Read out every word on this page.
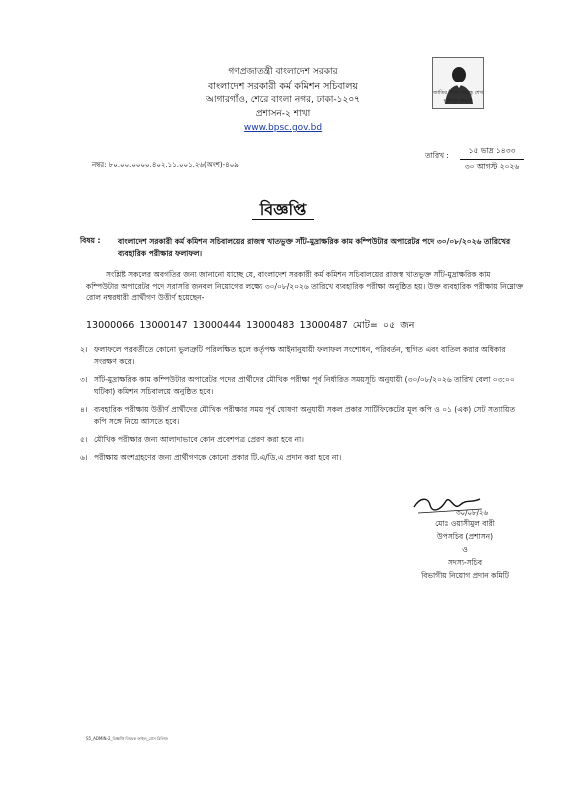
গণপ্রজাতন্ত্রী বাংলাদেশ সরকার
বাংলাদেশ সরকারী কর্ম কমিশন সচিবালয়
আগারগাঁও, শেরে বাংলা নগর, ঢাকা-১২০৭
প্রশাসন-২ শাখা
www.bpsc.gov.bd
জাতির পিতা বঙ্গবন্ধু শেখ মুজিবুর রহমান
নম্বর: ৮০.০০.০০০০.৪০২.১১.০০১.২৬(অংশ)-৪০৯
তারিখ :
১৫ ভাদ্র ১৪৩৩
৩০ আগস্ট ২০২৬
বিজ্ঞপ্তি
বিষয় : বাংলাদেশ সরকারী কর্ম কমিশন সচিবালয়ের রাজস্ব খাতভুক্ত সাঁট-মুদ্রাক্ষরিক কাম কম্পিউটার অপারেটর পদে ৩০/০৮/২০২৬ তারিখের ব্যবহারিক পরীক্ষার ফলাফল।
সংশ্লিষ্ট সকলের অবগতির জন্য জানানো যাচ্ছে যে, বাংলাদেশ সরকারী কর্ম কমিশন সচিবালয়ের রাজস্ব খাতভুক্ত সাঁট-মুদ্রাক্ষরিক কাম কম্পিউটার অপারেটর পদে সরাসরি জনবল নিয়োগের লক্ষ্যে ৩০/০৮/২০২৬ তারিখে ব্যবহারিক পরীক্ষা অনুষ্ঠিত হয়। উক্ত ব্যবহারিক পরীক্ষায় নিম্নোক্ত রোল নম্বরধারী প্রার্থীগণ উত্তীর্ণ হয়েছেন-
13000066 13000147 13000444 13000483 13000487 মোট= ০৫ জন
২। ফলাফলে পরবর্তীতে কোনো ভুলত্রুটি পরিলক্ষিত হলে কর্তৃপক্ষ আইনানুযায়ী ফলাফল সংশোধন, পরিবর্তন, স্থগিত এবং বাতিল করার অধিকার সংরক্ষণ করে।
৩। সাঁট-মুদ্রাক্ষরিক কাম কম্পিউটার অপারেটর পদের প্রার্থীদের মৌখিক পরীক্ষা পূর্ব নির্ধারিত সময়সূচি অনুযায়ী (৩০/০৮/২০২৬ তারিখ বেলা ০৩:০০ ঘটিকা) কমিশন সচিবালয়ে অনুষ্ঠিত হবে।
৪। ব্যবহারিক পরীক্ষায় উত্তীর্ণ প্রার্থীদের মৌখিক পরীক্ষার সময় পূর্ব ঘোষণা অনুযায়ী সকল প্রকার সার্টিফিকেটের মূল কপি ও ০১ (এক) সেট সত্যায়িত কপি সঙ্গে নিয়ে আসতে হবে।
৫। মৌখিক পরীক্ষার জন্য আলাদাভাবে কোন প্রবেশপত্র প্রেরণ করা হবে না।
৬। পরীক্ষায় অংশগ্রহণের জন্য প্রার্থীগণকে কোনো প্রকার টি.এ/ডি.এ প্রদান করা হবে না।
৩০/০৮/২৬
মোঃ ওয়াসীমুল বারী
উপসচিব (প্রশাসন)
ও
সদস্য-সচিব
বিভাগীয় নিয়োগ প্রদান কমিটি
S5_ADMIN-2_বিজ্ঞপ্তি বিষয়ক ফাইল_প্রেস রিলিজ
